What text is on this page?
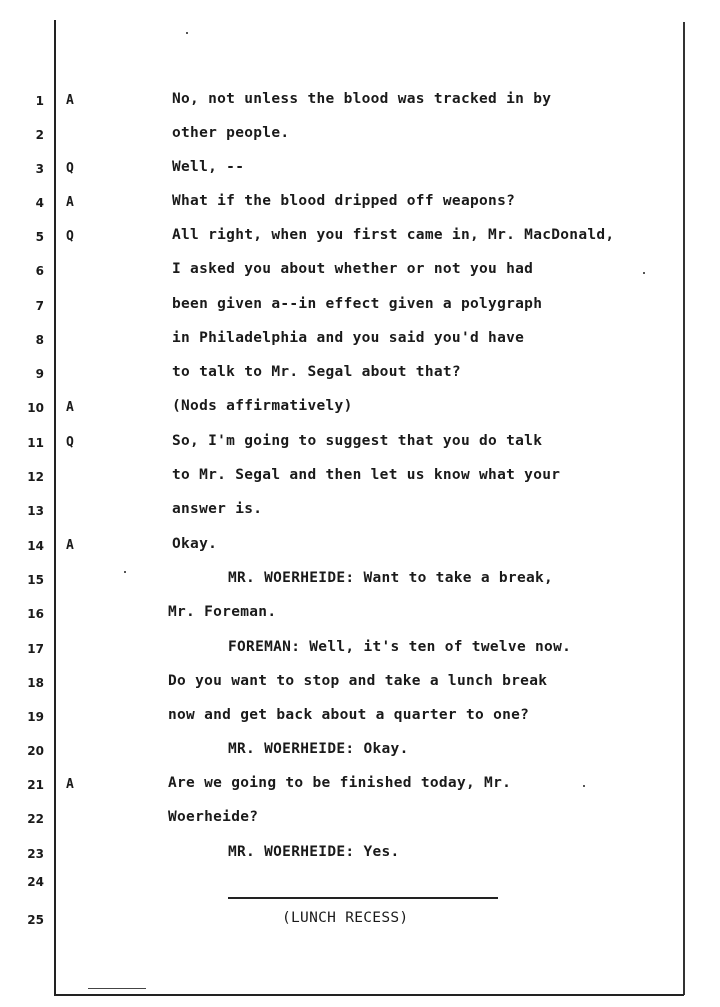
1 A	No, not unless the blood was tracked in by
2	other people.
3 Q	Well, --
4 A	What if the blood dripped off weapons?
5 Q	All right, when you first came in, Mr. MacDonald,
6	I asked you about whether or not you had
7	been given a--in effect given a polygraph
8	in Philadelphia and you said you'd have
9	to talk to Mr. Segal about that?
10 A	(Nods affirmatively)
11 Q	So, I'm going to suggest that you do talk
12	to Mr. Segal and then let us know what your
13	answer is.
14 A	Okay.
15	MR. WOERHEIDE: Want to take a break,
16	Mr. Foreman.
17	FOREMAN: Well, it's ten of twelve now.
18	Do you want to stop and take a lunch break
19	now and get back about a quarter to one?
20	MR. WOERHEIDE: Okay.
21 A	Are we going to be finished today, Mr.
22	Woerheide?
23	MR. WOERHEIDE: Yes.
24
25	(LUNCH RECESS)
